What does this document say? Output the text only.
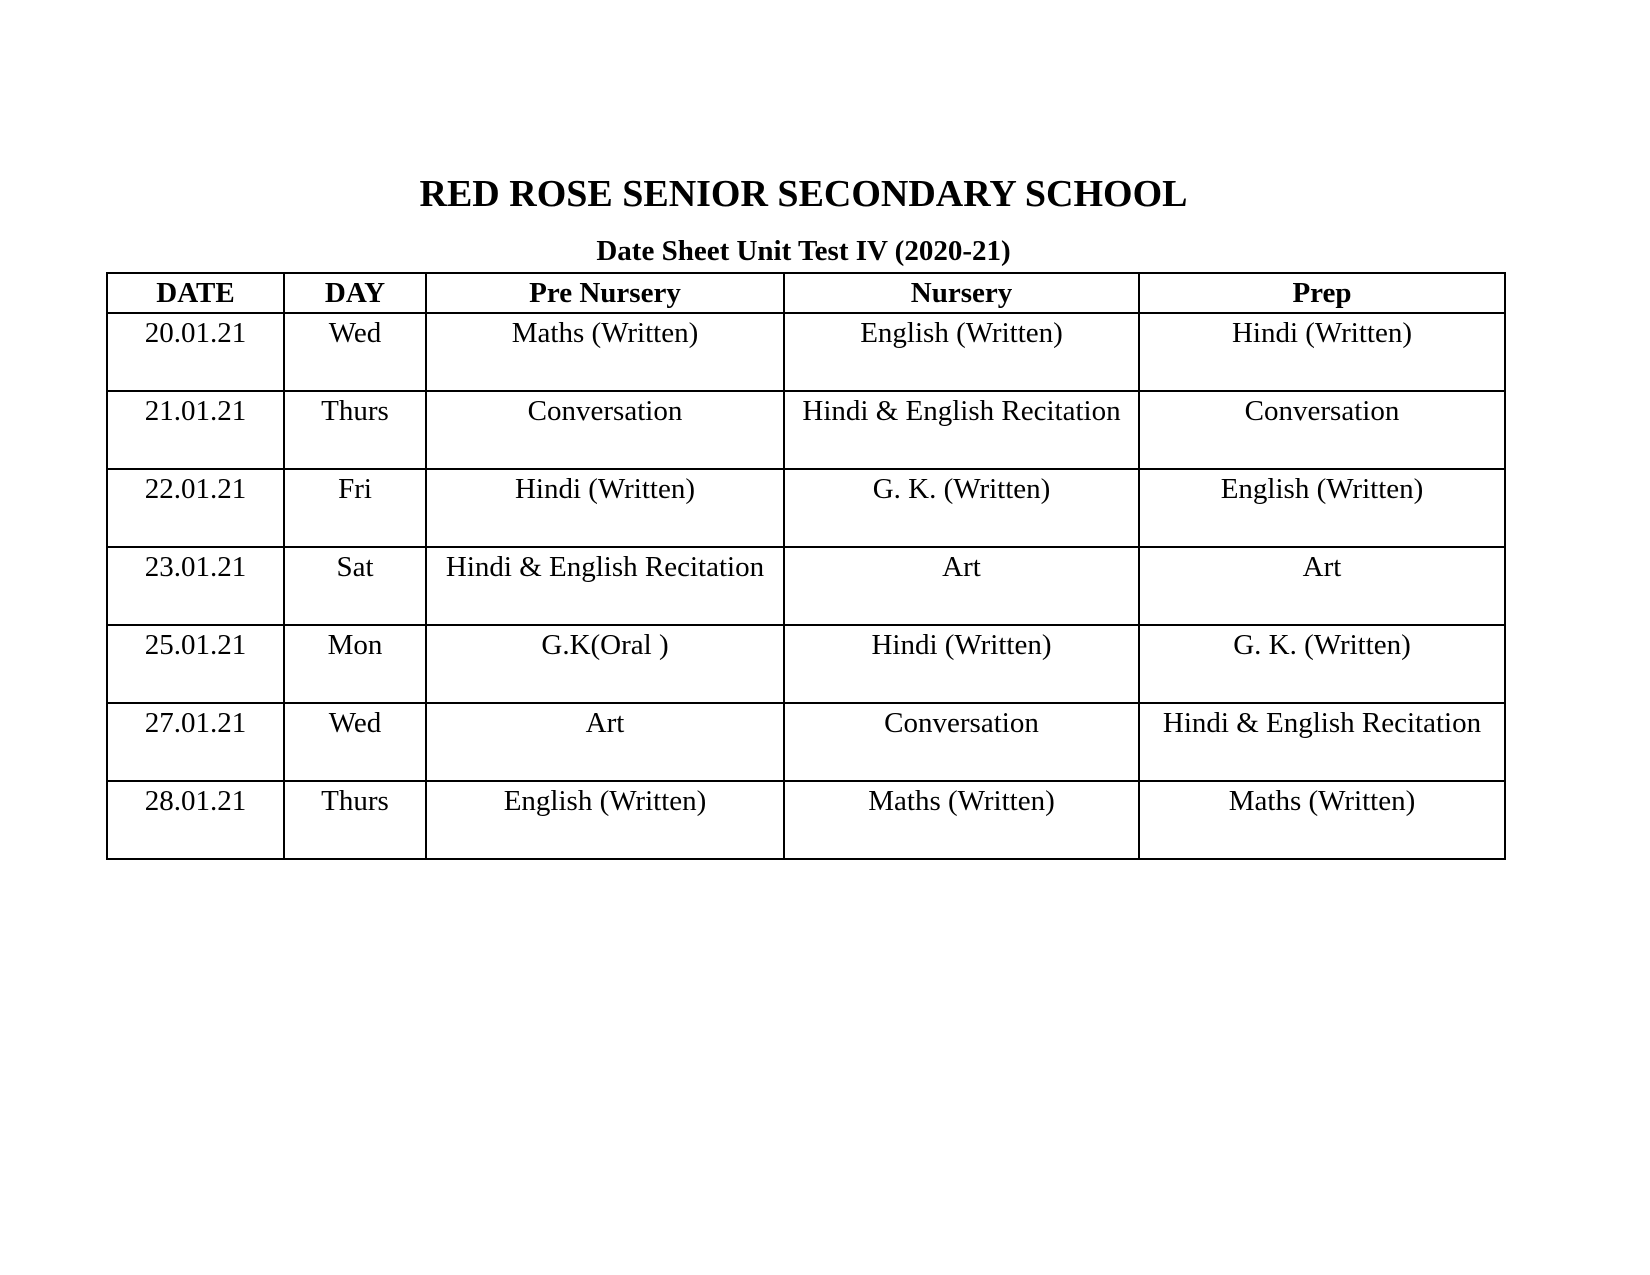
RED ROSE SENIOR SECONDARY SCHOOL
Date Sheet Unit Test IV (2020-21)
DATE	DAY	Pre Nursery	Nursery	Prep
20.01.21	Wed	Maths (Written)	English (Written)	Hindi (Written)
21.01.21	Thurs	Conversation	Hindi & English Recitation	Conversation
22.01.21	Fri	Hindi (Written)	G. K. (Written)	English (Written)
23.01.21	Sat	Hindi & English Recitation	Art	Art
25.01.21	Mon	G.K(Oral )	Hindi (Written)	G. K. (Written)
27.01.21	Wed	Art	Conversation	Hindi & English Recitation
28.01.21	Thurs	English (Written)	Maths (Written)	Maths (Written)
